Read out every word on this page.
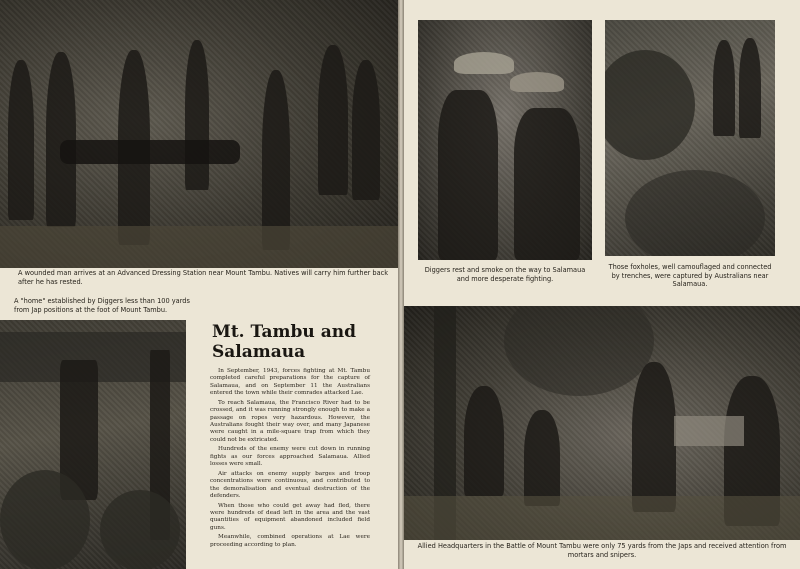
A wounded man arrives at an Advanced Dressing Station near Mount Tambu. Natives will carry him further back after he has rested.
A "home" established by Diggers less than 100 yards from Jap positions at the foot of Mount Tambu.
Mt. Tambu and
Salamaua

In September, 1943, forces fighting at Mt. Tambu completed careful preparations for the capture of Salamaua, and on September 11 the Australians entered the town while their comrades attacked Lae.

To reach Salamaua, the Francisco River had to be crossed, and it was running strongly enough to make a passage on ropes very hazardous. However, the Australians fought their way over, and many Japanese were caught in a mile-square trap from which they could not be extricated.

Hundreds of the enemy were cut down in running fights as our forces approached Salamaua. Allied losses were small.

Air attacks on enemy supply barges and troop concentrations were continuous, and contributed to the demoralisation and eventual destruction of the defenders.

When those who could get away had fled, there were hundreds of dead left in the area and the vast quantities of equipment abandoned included field guns.

Meanwhile, combined operations at Lae were proceeding according to plan.

Diggers rest and smoke on the way to Salamaua and more desperate fighting.
Those foxholes, well camouflaged and connected by trenches, were captured by Australians near Salamaua.
Allied Headquarters in the Battle of Mount Tambu were only 75 yards from the Japs and received attention from mortars and snipers.
